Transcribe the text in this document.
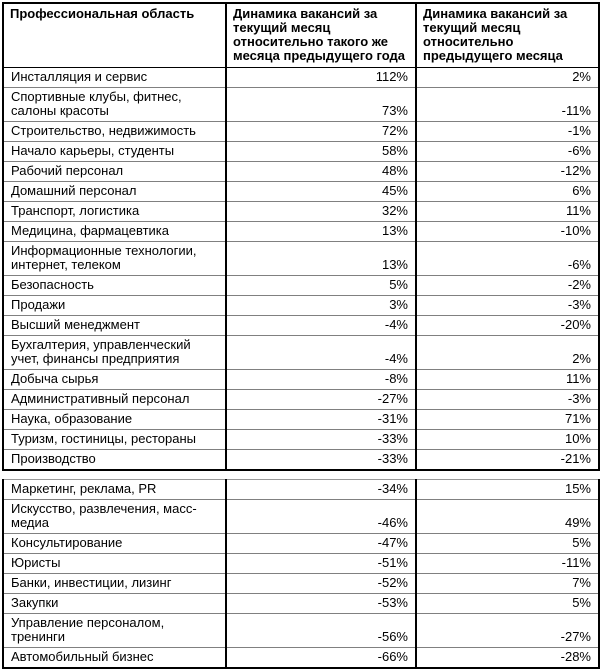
Профессиональная область	Динамика вакансий за текущий месяц относительно такого же месяца предыдущего года	Динамика вакансий за текущий месяц относительно предыдущего месяца
Инсталляция и сервис	112%	2%
Спортивные клубы, фитнес, салоны красоты	73%	-11%
Строительство, недвижимость	72%	-1%
Начало карьеры, студенты	58%	-6%
Рабочий персонал	48%	-12%
Домашний персонал	45%	6%
Транспорт, логистика	32%	11%
Медицина, фармацевтика	13%	-10%
Информационные технологии, интернет, телеком	13%	-6%
Безопасность	5%	-2%
Продажи	3%	-3%
Высший менеджмент	-4%	-20%
Бухгалтерия, управленческий учет, финансы предприятия	-4%	2%
Добыча сырья	-8%	11%
Административный персонал	-27%	-3%
Наука, образование	-31%	71%
Туризм, гостиницы, рестораны	-33%	10%
Производство	-33%	-21%
Маркетинг, реклама, PR	-34%	15%
Искусство, развлечения, масс-медиа	-46%	49%
Консультирование	-47%	5%
Юристы	-51%	-11%
Банки, инвестиции, лизинг	-52%	7%
Закупки	-53%	5%
Управление персоналом, тренинги	-56%	-27%
Автомобильный бизнес	-66%	-28%
